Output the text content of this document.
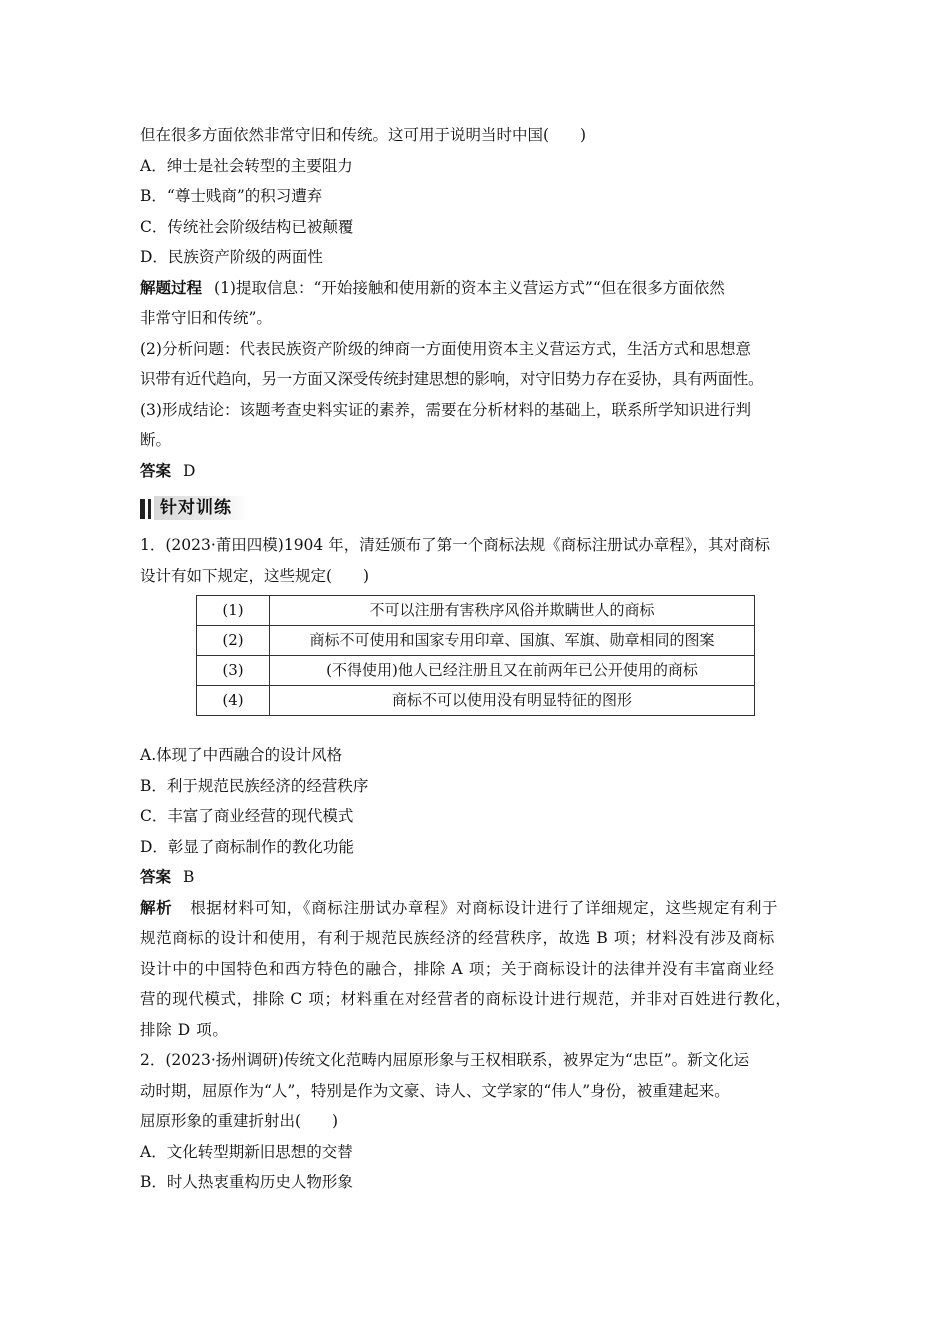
但在很多方面依然非常守旧和传统。这可用于说明当时中国(　　)
A．绅士是社会转型的主要阻力
B．“尊士贱商”的积习遭弃
C．传统社会阶级结构已被颠覆
D．民族资产阶级的两面性
解题过程 (1)提取信息：“开始接触和使用新的资本主义营运方式”“但在很多方面依然
非常守旧和传统”。
(2)分析问题：代表民族资产阶级的绅商一方面使用资本主义营运方式，生活方式和思想意
识带有近代趋向，另一方面又深受传统封建思想的影响，对守旧势力存在妥协，具有两面性。
(3)形成结论：该题考查史料实证的素养，需要在分析材料的基础上，联系所学知识进行判
断。
答案 D
针对训练
1．(2023·莆田四模)1904 年，清廷颁布了第一个商标法规《商标注册试办章程》，其对商标
设计有如下规定，这些规定(　　)
(1)	不可以注册有害秩序风俗并欺瞒世人的商标
(2)	商标不可使用和国家专用印章、国旗、军旗、勋章相同的图案
(3)	(不得使用)他人已经注册且又在前两年已公开使用的商标
(4)	商标不可以使用没有明显特征的图形
A.体现了中西融合的设计风格
B．利于规范民族经济的经营秩序
C．丰富了商业经营的现代模式
D．彰显了商标制作的教化功能
答案 B
解析 根据材料可知，《商标注册试办章程》对商标设计进行了详细规定，这些规定有利于
规范商标的设计和使用，有利于规范民族经济的经营秩序，故选 B 项；材料没有涉及商标
设计中的中国特色和西方特色的融合，排除 A 项；关于商标设计的法律并没有丰富商业经
营的现代模式，排除 C 项；材料重在对经营者的商标设计进行规范，并非对百姓进行教化，
排除 D 项。
2．(2023·扬州调研)传统文化范畴内屈原形象与王权相联系，被界定为“忠臣”。新文化运
动时期，屈原作为“人”，特别是作为文豪、诗人、文学家的“伟人”身份，被重建起来。
屈原形象的重建折射出(　　)
A．文化转型期新旧思想的交替
B．时人热衷重构历史人物形象
